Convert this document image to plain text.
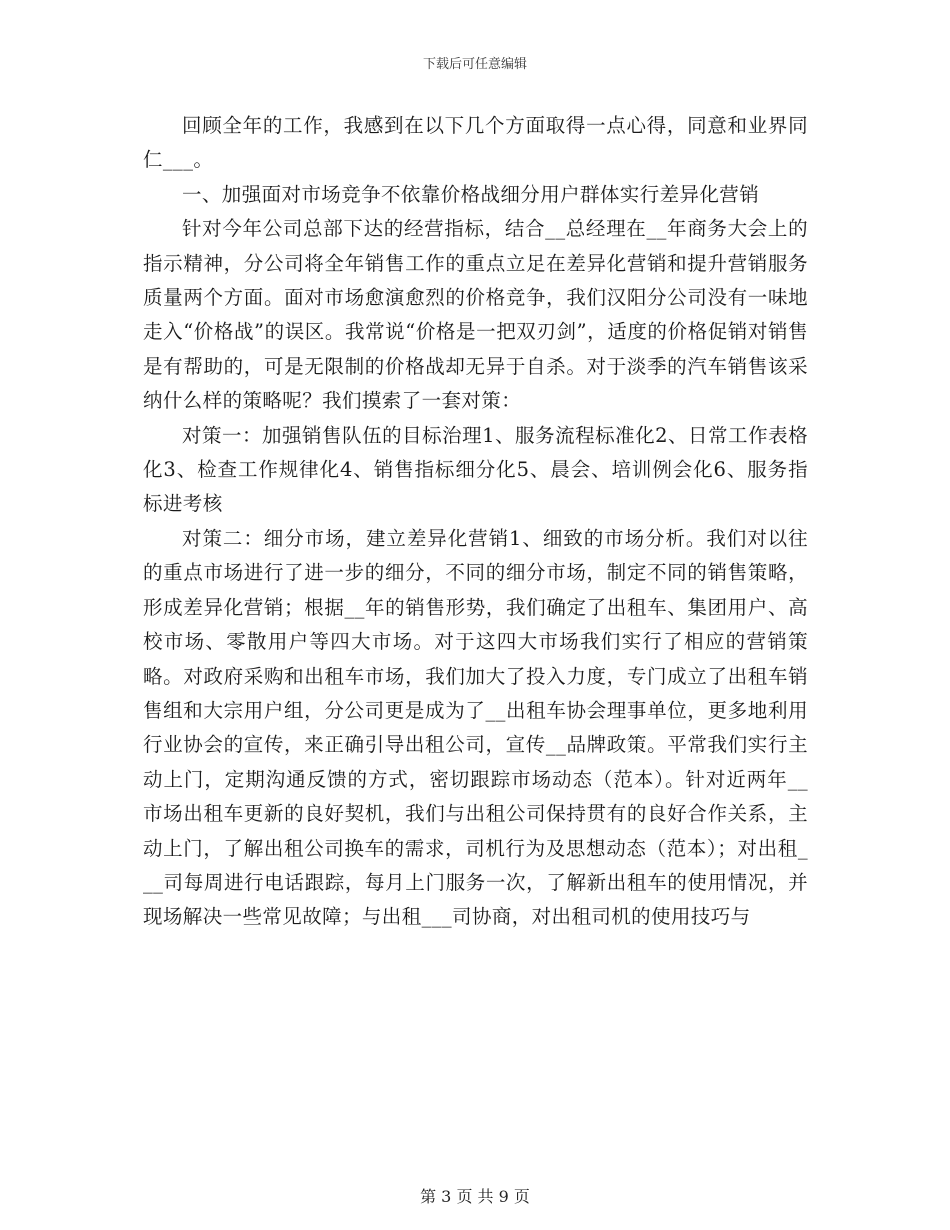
下载后可任意编辑

回顾全年的工作，我感到在以下几个方面取得一点心得，同意和业界同仁___。

一、加强面对市场竞争不依靠价格战细分用户群体实行差异化营销

针对今年公司总部下达的经营指标，结合__总经理在__年商务大会上的指示精神，分公司将全年销售工作的重点立足在差异化营销和提升营销服务质量两个方面。面对市场愈演愈烈的价格竞争，我们汉阳分公司没有一味地走入“价格战”的误区。我常说“价格是一把双刃剑”，适度的价格促销对销售是有帮助的，可是无限制的价格战却无异于自杀。对于淡季的汽车销售该采纳什么样的策略呢？我们摸索了一套对策：

对策一：加强销售队伍的目标治理1、服务流程标准化2、日常工作表格化3、检查工作规律化4、销售指标细分化5、晨会、培训例会化6、服务指标进考核

对策二：细分市场，建立差异化营销1、细致的市场分析。我们对以往的重点市场进行了进一步的细分，不同的细分市场，制定不同的销售策略，形成差异化营销；根据__年的销售形势，我们确定了出租车、集团用户、高校市场、零散用户等四大市场。对于这四大市场我们实行了相应的营销策略。对政府采购和出租车市场，我们加大了投入力度，专门成立了出租车销售组和大宗用户组，分公司更是成为了__出租车协会理事单位，更多地利用行业协会的宣传，来正确引导出租公司，宣传__品牌政策。平常我们实行主动上门，定期沟通反馈的方式，密切跟踪市场动态（范本）。针对近两年__市场出租车更新的良好契机，我们与出租公司保持贯有的良好合作关系，主动上门，了解出租公司换车的需求，司机行为及思想动态（范本）；对出租___司每周进行电话跟踪，每月上门服务一次，了解新出租车的使用情况，并现场解决一些常见故障；与出租___司协商，对出租司机的使用技巧与

第 3 页 共 9 页
